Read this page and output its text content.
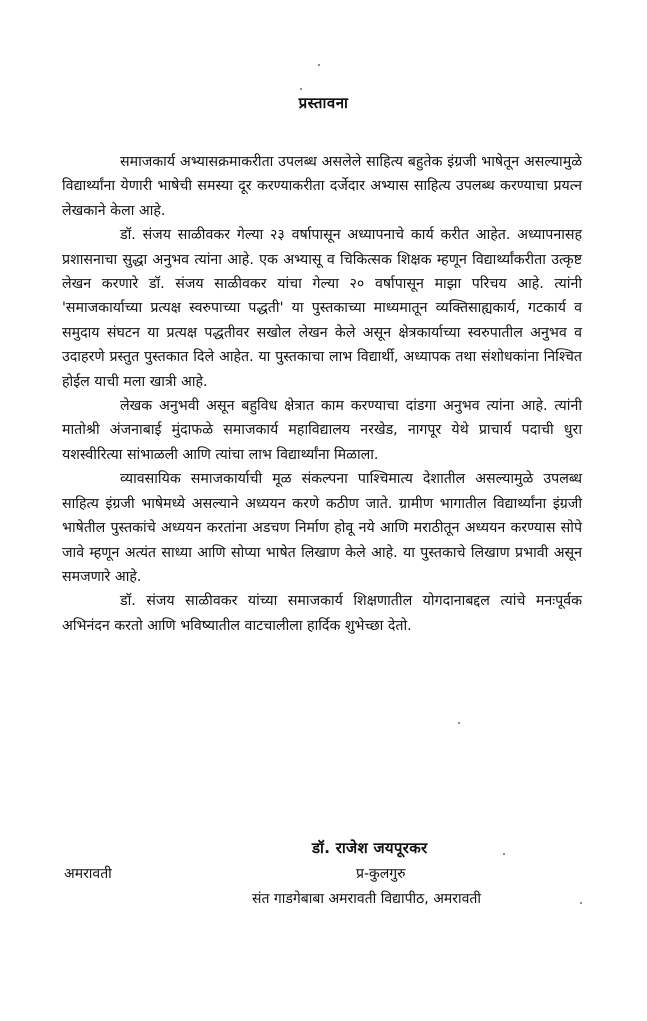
प्रस्तावना

समाजकार्य अभ्यासक्रमाकरीता उपलब्ध असलेले साहित्य बहुतेक इंग्रजी भाषेतून असल्यामुळे विद्यार्थ्यांना येणारी भाषेची समस्या दूर करण्याकरीता दर्जेदार अभ्यास साहित्य उपलब्ध करण्याचा प्रयत्न लेखकाने केला आहे.

डॉ. संजय साळीवकर गेल्या २३ वर्षापासून अध्यापनाचे कार्य करीत आहेत. अध्यापनासह प्रशासनाचा सुद्धा अनुभव त्यांना आहे. एक अभ्यासू व चिकित्सक शिक्षक म्हणून विद्यार्थ्यांकरीता उत्कृष्ट लेखन करणारे डॉ. संजय साळीवकर यांचा गेल्या २० वर्षापासून माझा परिचय आहे. त्यांनी 'समाजकार्याच्या प्रत्यक्ष स्वरुपाच्या पद्धती' या पुस्तकाच्या माध्यमातून व्यक्तिसाह्यकार्य, गटकार्य व समुदाय संघटन या प्रत्यक्ष पद्धतीवर सखोल लेखन केले असून क्षेत्रकार्याच्या स्वरुपातील अनुभव व उदाहरणे प्रस्तुत पुस्तकात दिले आहेत. या पुस्तकाचा लाभ विद्यार्थी, अध्यापक तथा संशोधकांना निश्चित होईल याची मला खात्री आहे.

लेखक अनुभवी असून बहुविध क्षेत्रात काम करण्याचा दांडगा अनुभव त्यांना आहे. त्यांनी मातोश्री अंजनाबाई मुंदाफळे समाजकार्य महाविद्यालय नरखेड, नागपूर येथे प्राचार्य पदाची धुरा यशस्वीरित्या सांभाळली आणि त्यांचा लाभ विद्यार्थ्यांना मिळाला.

व्यावसायिक समाजकार्याची मूळ संकल्पना पाश्चिमात्य देशातील असल्यामुळे उपलब्ध साहित्य इंग्रजी भाषेमध्ये असल्याने अध्ययन करणे कठीण जाते. ग्रामीण भागातील विद्यार्थ्यांना इंग्रजी भाषेतील पुस्तकांचे अध्ययन करतांना अडचण निर्माण होवू नये आणि मराठीतून अध्ययन करण्यास सोपे जावे म्हणून अत्यंत साध्या आणि सोप्या भाषेत लिखाण केले आहे. या पुस्तकाचे लिखाण प्रभावी असून समजणारे आहे.

डॉ. संजय साळीवकर यांच्या समाजकार्य शिक्षणातील योगदानाबद्दल त्यांचे मनःपूर्वक अभिनंदन करतो आणि भविष्यातील वाटचालीला हार्दिक शुभेच्छा देतो.

डॉ. राजेश जयपूरकर
अमरावती	प्र-कुलगुरु
संत गाडगेबाबा अमरावती विद्यापीठ, अमरावती
